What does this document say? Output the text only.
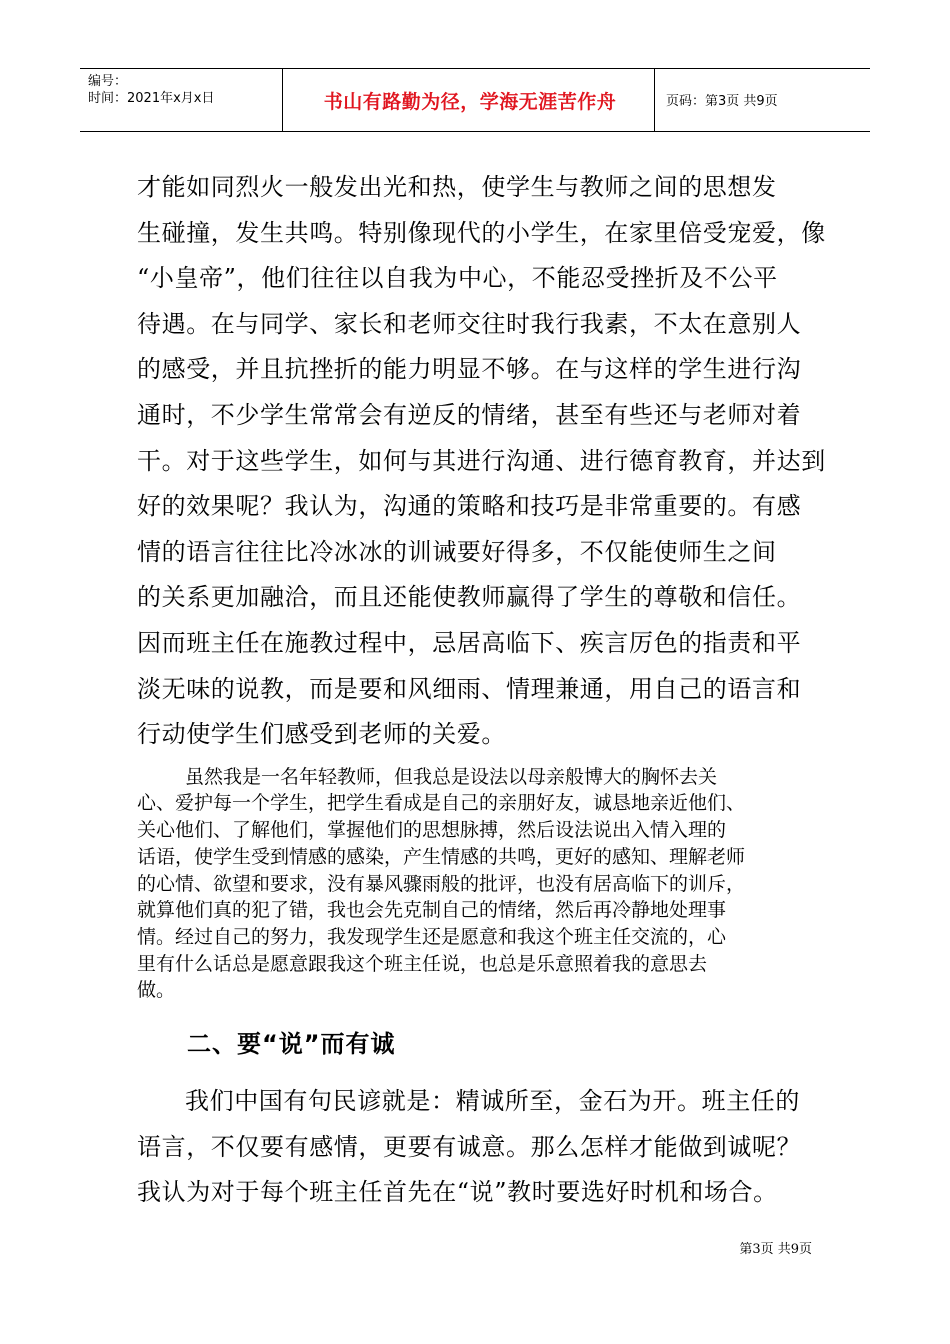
编号：
时间：2021年x月x日	书山有路勤为径，学海无涯苦作舟	页码：第3页 共9页

才能如同烈火一般发出光和热，使学生与教师之间的思想发
生碰撞，发生共鸣。特别像现代的小学生，在家里倍受宠爱，像
“小皇帝”，他们往往以自我为中心，不能忍受挫折及不公平
待遇。在与同学、家长和老师交往时我行我素，不太在意别人
的感受，并且抗挫折的能力明显不够。在与这样的学生进行沟
通时，不少学生常常会有逆反的情绪，甚至有些还与老师对着
干。对于这些学生，如何与其进行沟通、进行德育教育，并达到
好的效果呢？我认为，沟通的策略和技巧是非常重要的。有感
情的语言往往比冷冰冰的训诫要好得多，不仅能使师生之间
的关系更加融洽，而且还能使教师赢得了学生的尊敬和信任。
因而班主任在施教过程中，忌居高临下、疾言厉色的指责和平
淡无味的说教，而是要和风细雨、情理兼通，用自己的语言和
行动使学生们感受到老师的关爱。

虽然我是一名年轻教师，但我总是设法以母亲般博大的胸怀去关
心、爱护每一个学生，把学生看成是自己的亲朋好友，诚恳地亲近他们、
关心他们、了解他们，掌握他们的思想脉搏，然后设法说出入情入理的
话语，使学生受到情感的感染，产生情感的共鸣，更好的感知、理解老师
的心情、欲望和要求，没有暴风骤雨般的批评，也没有居高临下的训斥，
就算他们真的犯了错，我也会先克制自己的情绪，然后再冷静地处理事
情。经过自己的努力，我发现学生还是愿意和我这个班主任交流的，心
里有什么话总是愿意跟我这个班主任说，也总是乐意照着我的意思去
做。

二、要“说”而有诚

我们中国有句民谚就是：精诚所至，金石为开。班主任的
语言，不仅要有感情，更要有诚意。那么怎样才能做到诚呢？
我认为对于每个班主任首先在“说”教时要选好时机和场合。

第3页 共9页
